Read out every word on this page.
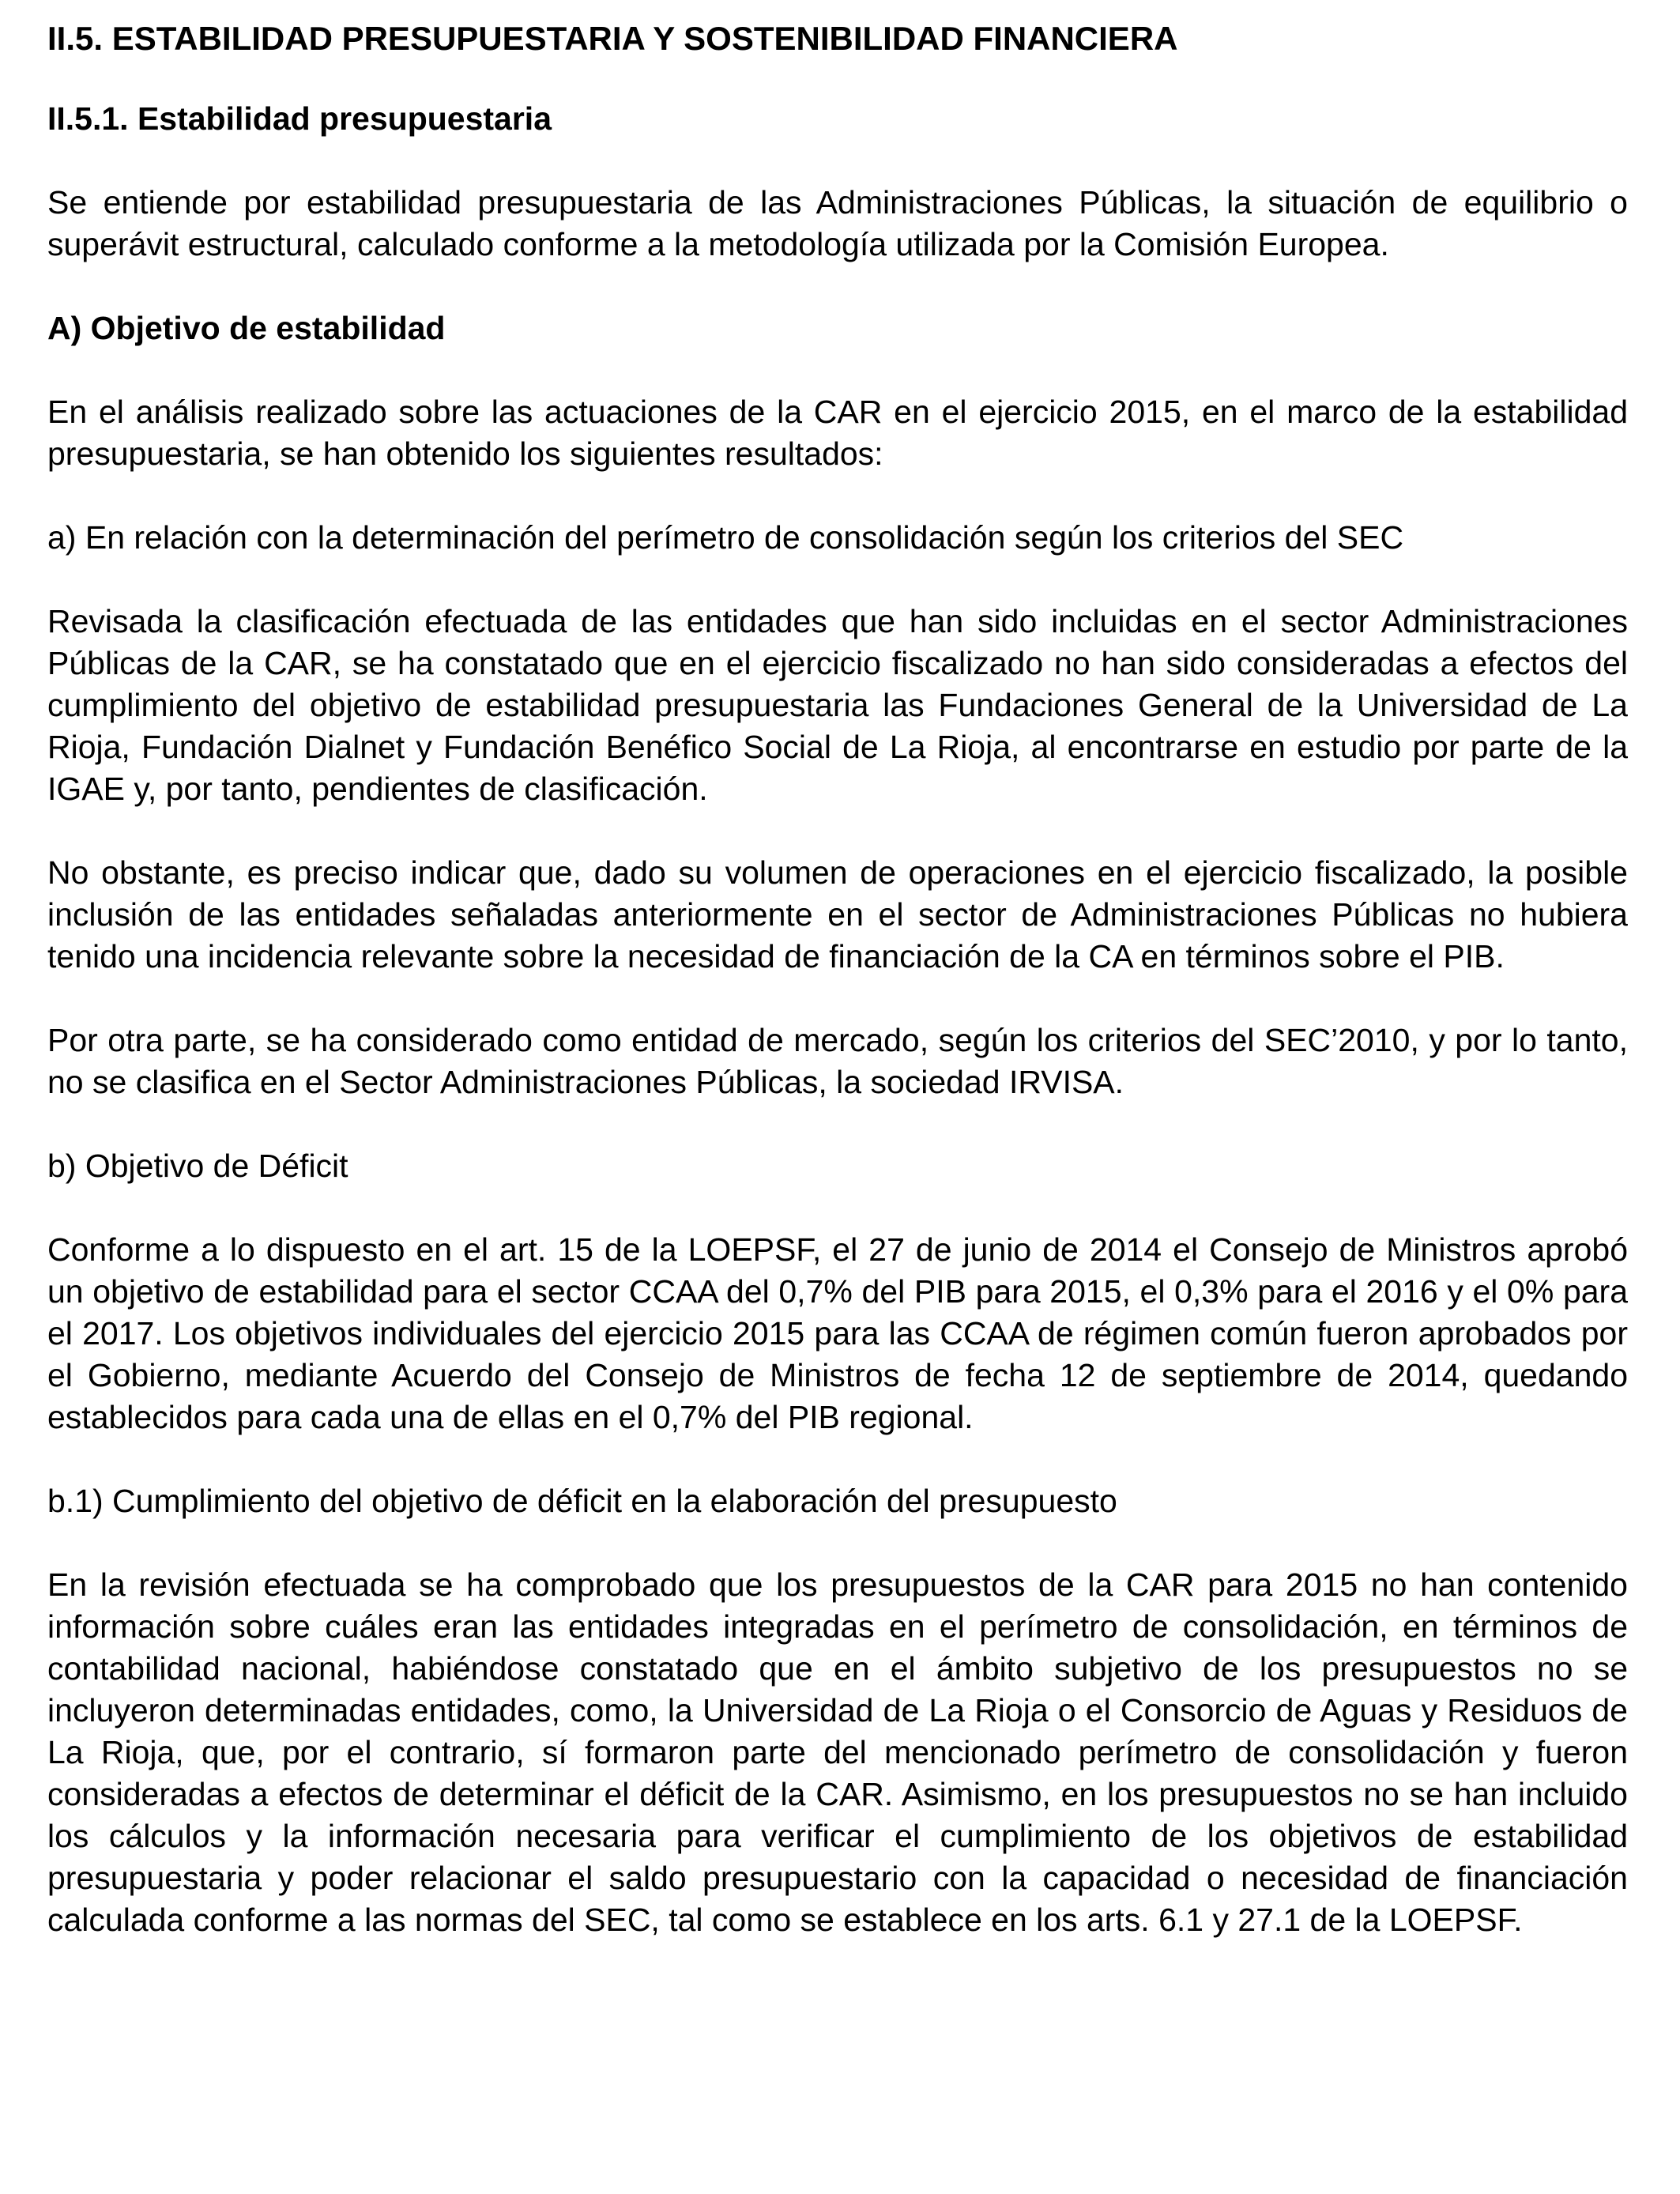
II.5. ESTABILIDAD PRESUPUESTARIA Y SOSTENIBILIDAD FINANCIERA
II.5.1. Estabilidad presupuestaria

Se entiende por estabilidad presupuestaria de las Administraciones Públicas, la situación de equilibrio o superávit estructural, calculado conforme a la metodología utilizada por la Comisión Europea.

A) Objetivo de estabilidad

En el análisis realizado sobre las actuaciones de la CAR en el ejercicio 2015, en el marco de la estabilidad presupuestaria, se han obtenido los siguientes resultados:

a) En relación con la determinación del perímetro de consolidación según los criterios del SEC

Revisada la clasificación efectuada de las entidades que han sido incluidas en el sector Administraciones Públicas de la CAR, se ha constatado que en el ejercicio fiscalizado no han sido consideradas a efectos del cumplimiento del objetivo de estabilidad presupuestaria las Fundaciones General de la Universidad de La Rioja, Fundación Dialnet y Fundación Benéfico Social de La Rioja, al encontrarse en estudio por parte de la IGAE y, por tanto, pendientes de clasificación.

No obstante, es preciso indicar que, dado su volumen de operaciones en el ejercicio fiscalizado, la posible inclusión de las entidades señaladas anteriormente en el sector de Administraciones Públicas no hubiera tenido una incidencia relevante sobre la necesidad de financiación de la CA en términos sobre el PIB.

Por otra parte, se ha considerado como entidad de mercado, según los criterios del SEC’2010, y por lo tanto, no se clasifica en el Sector Administraciones Públicas, la sociedad IRVISA.

b) Objetivo de Déficit

Conforme a lo dispuesto en el art. 15 de la LOEPSF, el 27 de junio de 2014 el Consejo de Ministros aprobó un objetivo de estabilidad para el sector CCAA del 0,7% del PIB para 2015, el 0,3% para el 2016 y el 0% para el 2017. Los objetivos individuales del ejercicio 2015 para las CCAA de régimen común fueron aprobados por el Gobierno, mediante Acuerdo del Consejo de Ministros de fecha 12 de septiembre de 2014, quedando establecidos para cada una de ellas en el 0,7% del PIB regional.

b.1) Cumplimiento del objetivo de déficit en la elaboración del presupuesto

En la revisión efectuada se ha comprobado que los presupuestos de la CAR para 2015 no han contenido información sobre cuáles eran las entidades integradas en el perímetro de consolidación, en términos de contabilidad nacional, habiéndose constatado que en el ámbito subjetivo de los presupuestos no se incluyeron determinadas entidades, como, la Universidad de La Rioja o el Consorcio de Aguas y Residuos de La Rioja, que, por el contrario, sí formaron parte del mencionado perímetro de consolidación y fueron consideradas a efectos de determinar el déficit de la CAR. Asimismo, en los presupuestos no se han incluido los cálculos y la información necesaria para verificar el cumplimiento de los objetivos de estabilidad presupuestaria y poder relacionar el saldo presupuestario con la capacidad o necesidad de financiación calculada conforme a las normas del SEC, tal como se establece en los arts. 6.1 y 27.1 de la LOEPSF.
